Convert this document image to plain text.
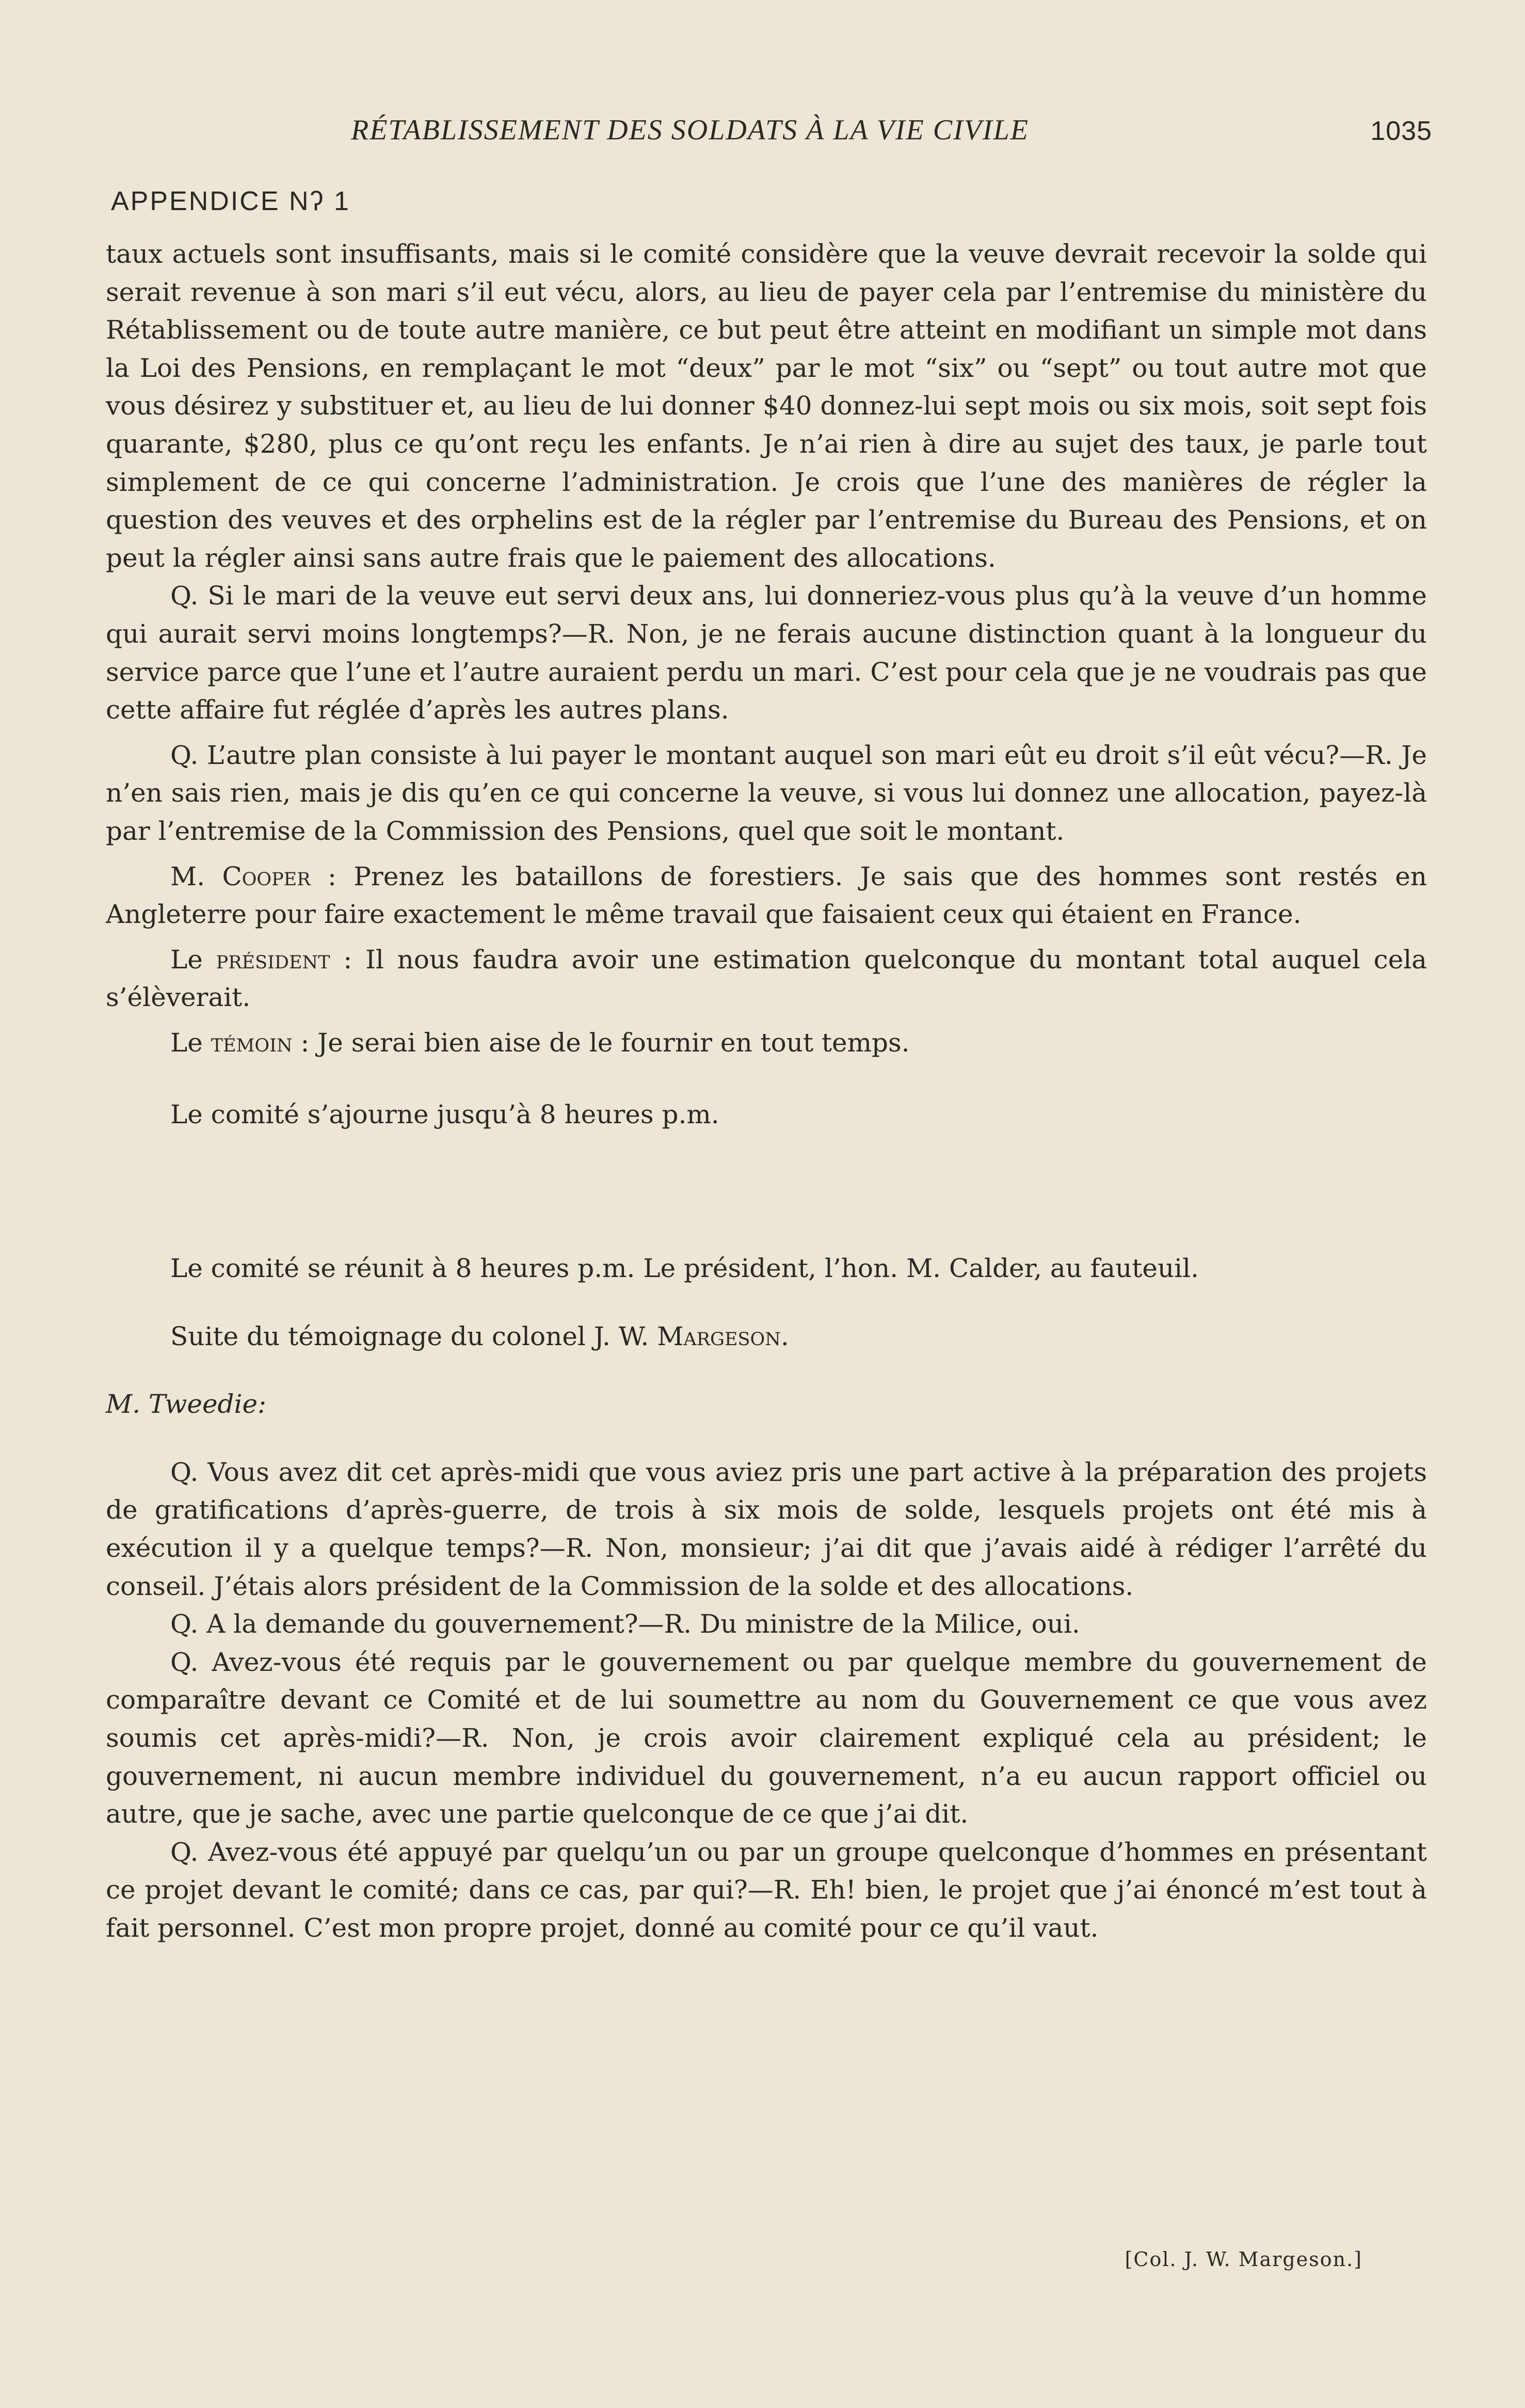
RÉTABLISSEMENT DES SOLDATS À LA VIE CIVILE	1035
APPENDICE Nʔ 1

taux actuels sont insuffisants, mais si le comité considère que la veuve devrait recevoir la solde qui serait revenue à son mari s’il eut vécu, alors, au lieu de payer cela par l’entremise du ministère du Rétablissement ou de toute autre manière, ce but peut être atteint en modifiant un simple mot dans la Loi des Pensions, en remplaçant le mot “deux” par le mot “six” ou “sept” ou tout autre mot que vous désirez y substituer et, au lieu de lui donner $40 donnez-lui sept mois ou six mois, soit sept fois quarante, $280, plus ce qu’ont reçu les enfants. Je n’ai rien à dire au sujet des taux, je parle tout simplement de ce qui concerne l’administration. Je crois que l’une des manières de régler la question des veuves et des orphelins est de la régler par l’entremise du Bureau des Pensions, et on peut la régler ainsi sans autre frais que le paiement des allocations.

Q. Si le mari de la veuve eut servi deux ans, lui donneriez-vous plus qu’à la veuve d’un homme qui aurait servi moins longtemps?—R. Non, je ne ferais aucune distinction quant à la longueur du service parce que l’une et l’autre auraient perdu un mari. C’est pour cela que je ne voudrais pas que cette affaire fut réglée d’après les autres plans.

Q. L’autre plan consiste à lui payer le montant auquel son mari eût eu droit s’il eût vécu?—R. Je n’en sais rien, mais je dis qu’en ce qui concerne la veuve, si vous lui donnez une allocation, payez-là par l’entremise de la Commission des Pensions, quel que soit le montant.

M. Cooper : Prenez les bataillons de forestiers. Je sais que des hommes sont restés en Angleterre pour faire exactement le même travail que faisaient ceux qui étaient en France.

Le président : Il nous faudra avoir une estimation quelconque du montant total auquel cela s’élèverait.

Le témoin : Je serai bien aise de le fournir en tout temps.

Le comité s’ajourne jusqu’à 8 heures p.m.

Le comité se réunit à 8 heures p.m. Le président, l’hon. M. Calder, au fauteuil.

Suite du témoignage du colonel J. W. Margeson.

M. Tweedie:

Q. Vous avez dit cet après-midi que vous aviez pris une part active à la préparation des projets de gratifications d’après-guerre, de trois à six mois de solde, lesquels projets ont été mis à exécution il y a quelque temps?—R. Non, monsieur; j’ai dit que j’avais aidé à rédiger l’arrêté du conseil. J’étais alors président de la Commission de la solde et des allocations.

Q. A la demande du gouvernement?—R. Du ministre de la Milice, oui.

Q. Avez-vous été requis par le gouvernement ou par quelque membre du gouvernement de comparaître devant ce Comité et de lui soumettre au nom du Gouvernement ce que vous avez soumis cet après-midi?—R. Non, je crois avoir clairement expliqué cela au président; le gouvernement, ni aucun membre individuel du gouvernement, n’a eu aucun rapport officiel ou autre, que je sache, avec une partie quelconque de ce que j’ai dit.

Q. Avez-vous été appuyé par quelqu’un ou par un groupe quelconque d’hommes en présentant ce projet devant le comité; dans ce cas, par qui?—R. Eh! bien, le projet que j’ai énoncé m’est tout à fait personnel. C’est mon propre projet, donné au comité pour ce qu’il vaut.

[Col. J. W. Margeson.]
